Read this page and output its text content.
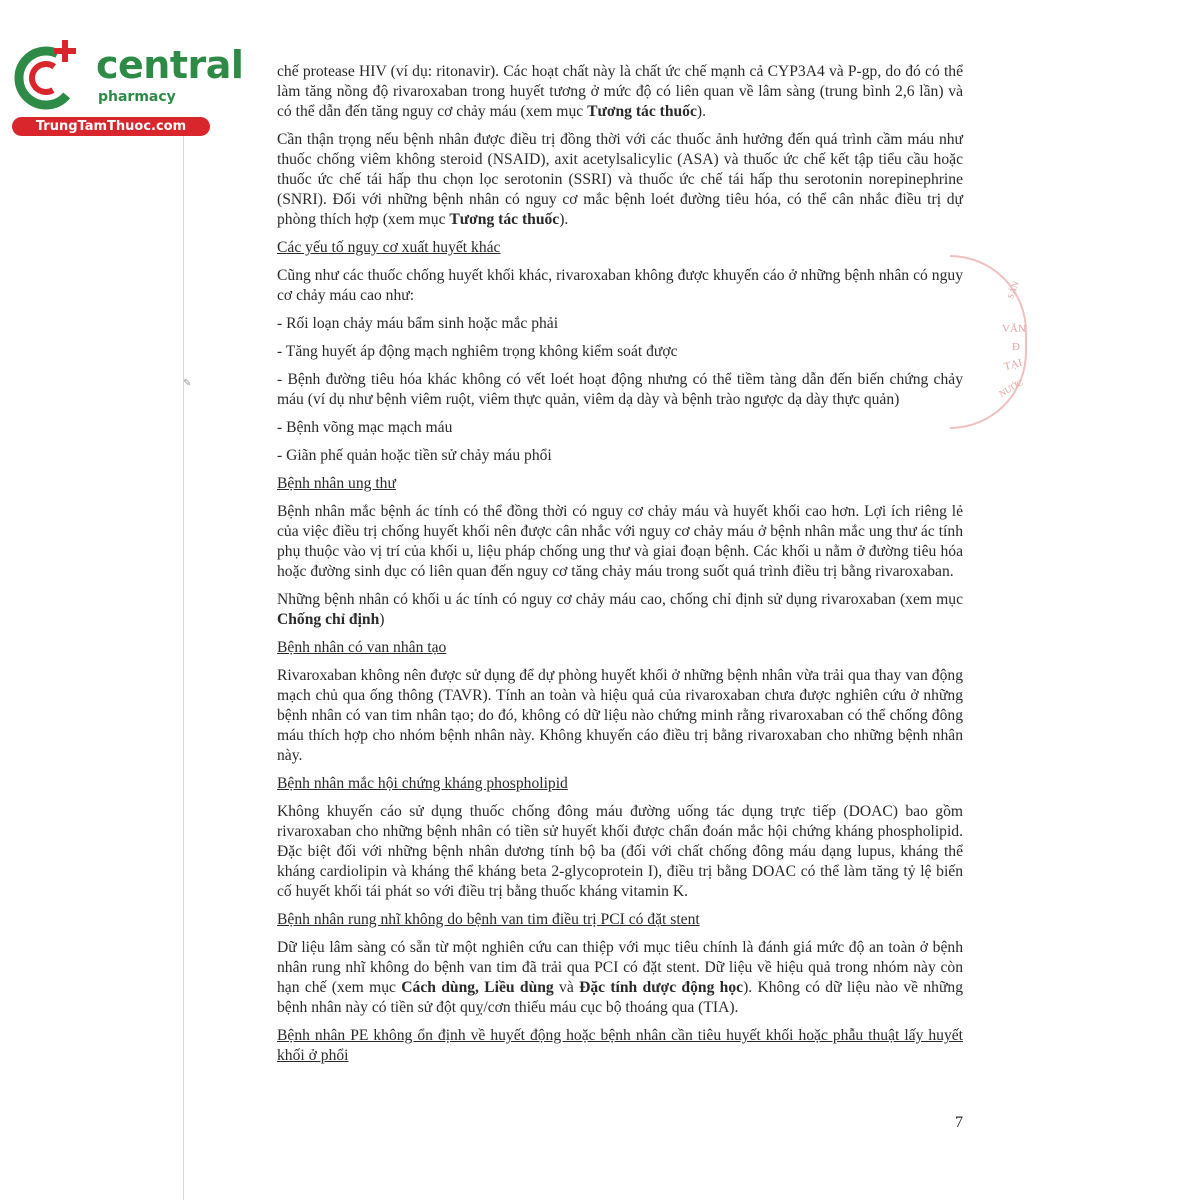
✎
central
pharmacy
TrungTamThuoc.com
SẢN
VĂN
Đ
TẠI
NƯỚC

chế protease HIV (ví dụ: ritonavir). Các hoạt chất này là chất ức chế mạnh cả CYP3A4 và P-gp, do đó có thể làm tăng nồng độ rivaroxaban trong huyết tương ở mức độ có liên quan về lâm sàng (trung bình 2,6 lần) và có thể dẫn đến tăng nguy cơ chảy máu (xem mục Tương tác thuốc).

Cần thận trọng nếu bệnh nhân được điều trị đồng thời với các thuốc ảnh hưởng đến quá trình cầm máu như thuốc chống viêm không steroid (NSAID), axit acetylsalicylic (ASA) và thuốc ức chế kết tập tiểu cầu hoặc thuốc ức chế tái hấp thu chọn lọc serotonin (SSRI) và thuốc ức chế tái hấp thu serotonin norepinephrine (SNRI). Đối với những bệnh nhân có nguy cơ mắc bệnh loét đường tiêu hóa, có thể cân nhắc điều trị dự phòng thích hợp (xem mục Tương tác thuốc).

Các yếu tố nguy cơ xuất huyết khác

Cũng như các thuốc chống huyết khối khác, rivaroxaban không được khuyến cáo ở những bệnh nhân có nguy cơ chảy máu cao như:

- Rối loạn chảy máu bẩm sinh hoặc mắc phải

- Tăng huyết áp động mạch nghiêm trọng không kiểm soát được

- Bệnh đường tiêu hóa khác không có vết loét hoạt động nhưng có thể tiềm tàng dẫn đến biến chứng chảy máu (ví dụ như bệnh viêm ruột, viêm thực quản, viêm dạ dày và bệnh trào ngược dạ dày thực quản)

- Bệnh võng mạc mạch máu

- Giãn phế quản hoặc tiền sử chảy máu phổi

Bệnh nhân ung thư

Bệnh nhân mắc bệnh ác tính có thể đồng thời có nguy cơ chảy máu và huyết khối cao hơn. Lợi ích riêng lẻ của việc điều trị chống huyết khối nên được cân nhắc với nguy cơ chảy máu ở bệnh nhân mắc ung thư ác tính phụ thuộc vào vị trí của khối u, liệu pháp chống ung thư và giai đoạn bệnh. Các khối u nằm ở đường tiêu hóa hoặc đường sinh dục có liên quan đến nguy cơ tăng chảy máu trong suốt quá trình điều trị bằng rivaroxaban.

Những bệnh nhân có khối u ác tính có nguy cơ chảy máu cao, chống chỉ định sử dụng rivaroxaban (xem mục Chống chỉ định)

Bệnh nhân có van nhân tạo

Rivaroxaban không nên được sử dụng để dự phòng huyết khối ở những bệnh nhân vừa trải qua thay van động mạch chủ qua ống thông (TAVR). Tính an toàn và hiệu quả của rivaroxaban chưa được nghiên cứu ở những bệnh nhân có van tim nhân tạo; do đó, không có dữ liệu nào chứng minh rằng rivaroxaban có thể chống đông máu thích hợp cho nhóm bệnh nhân này. Không khuyến cáo điều trị bằng rivaroxaban cho những bệnh nhân này.

Bệnh nhân mắc hội chứng kháng phospholipid

Không khuyến cáo sử dụng thuốc chống đông máu đường uống tác dụng trực tiếp (DOAC) bao gồm rivaroxaban cho những bệnh nhân có tiền sử huyết khối được chẩn đoán mắc hội chứng kháng phospholipid. Đặc biệt đối với những bệnh nhân dương tính bộ ba (đối với chất chống đông máu dạng lupus, kháng thể kháng cardiolipin và kháng thể kháng beta 2-glycoprotein I), điều trị bằng DOAC có thể làm tăng tỷ lệ biến cố huyết khối tái phát so với điều trị bằng thuốc kháng vitamin K.

Bệnh nhân rung nhĩ không do bệnh van tim điều trị PCI có đặt stent

Dữ liệu lâm sàng có sẵn từ một nghiên cứu can thiệp với mục tiêu chính là đánh giá mức độ an toàn ở bệnh nhân rung nhĩ không do bệnh van tim đã trải qua PCI có đặt stent. Dữ liệu về hiệu quả trong nhóm này còn hạn chế (xem mục Cách dùng, Liều dùng và Đặc tính dược động học). Không có dữ liệu nào về những bệnh nhân này có tiền sử đột quỵ/cơn thiếu máu cục bộ thoáng qua (TIA).

Bệnh nhân PE không ổn định về huyết động hoặc bệnh nhân cần tiêu huyết khối hoặc phẫu thuật lấy huyết khối ở phổi
7
